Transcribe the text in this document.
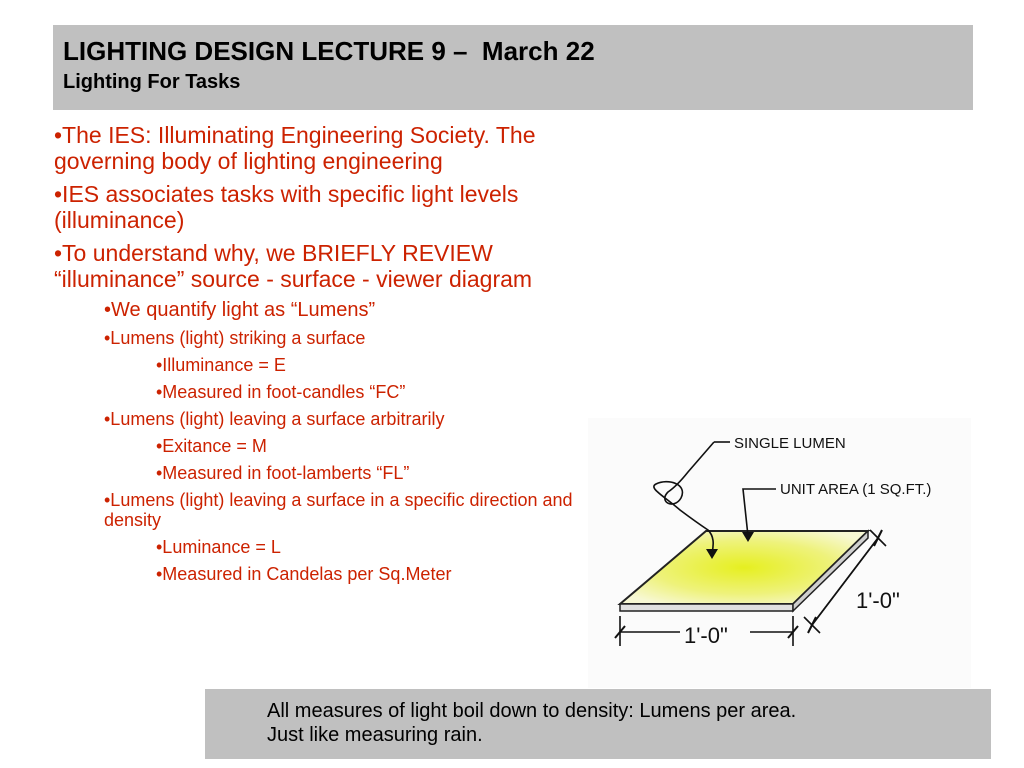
LIGHTING DESIGN LECTURE 9 –  March 22
Lighting For Tasks
•The IES: Illuminating Engineering Society. The governing body of lighting engineering
•IES associates tasks with specific light levels (illuminance)
•To understand why, we BRIEFLY REVIEW “illuminance” source - surface - viewer diagram
•We quantify light as “Lumens”
•Lumens (light) striking a surface
•Illuminance = E
•Measured in foot-candles “FC”
•Lumens (light) leaving a surface arbitrarily
•Exitance = M
•Measured in foot-lamberts “FL”
•Lumens (light) leaving a surface in a specific direction and density
•Luminance = L
•Measured in Candelas per Sq.Meter
SINGLE LUMEN
UNIT AREA (1 SQ.FT.)
1'-0"
1'-0"
All measures of light boil down to density: Lumens per area.
Just like measuring rain.
